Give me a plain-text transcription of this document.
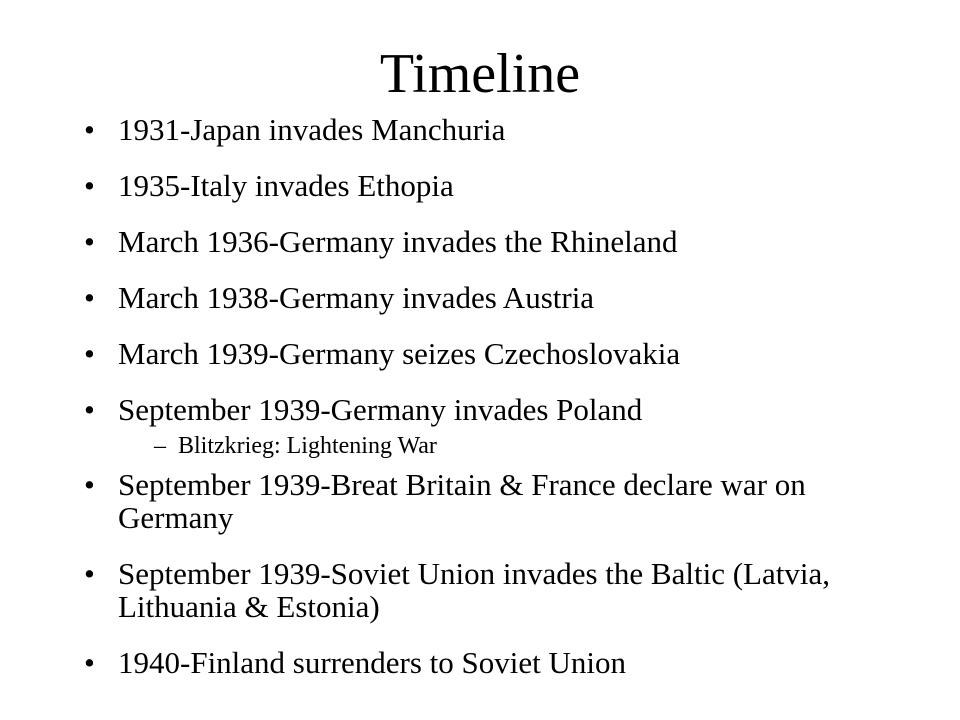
Timeline
• 1931-Japan invades Manchuria
• 1935-Italy invades Ethopia
• March 1936-Germany invades the Rhineland
• March 1938-Germany invades Austria
• March 1939-Germany seizes Czechoslovakia
• September 1939-Germany invades Poland
– Blitzkrieg: Lightening War
• September 1939-Breat Britain & France declare war on Germany
• September 1939-Soviet Union invades the Baltic (Latvia, Lithuania & Estonia)
• 1940-Finland surrenders to Soviet Union
